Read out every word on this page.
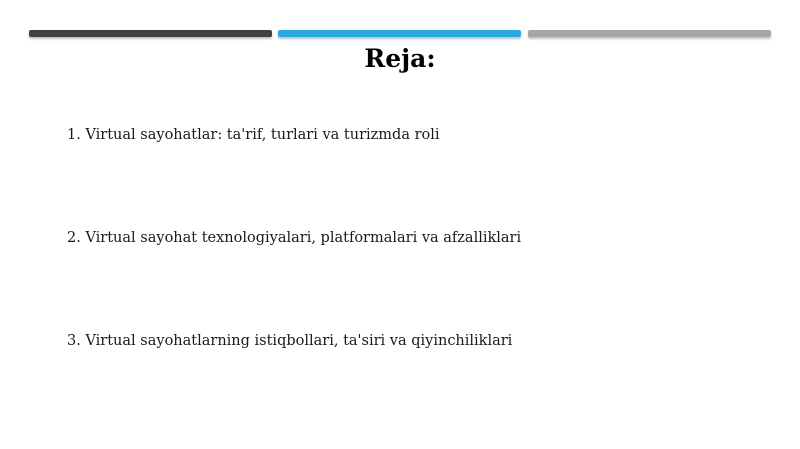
Reja:
1. Virtual sayohatlar: ta'rif, turlari va turizmda roli
2. Virtual sayohat texnologiyalari, platformalari va afzalliklari
3. Virtual sayohatlarning istiqbollari, ta'siri va qiyinchiliklari
